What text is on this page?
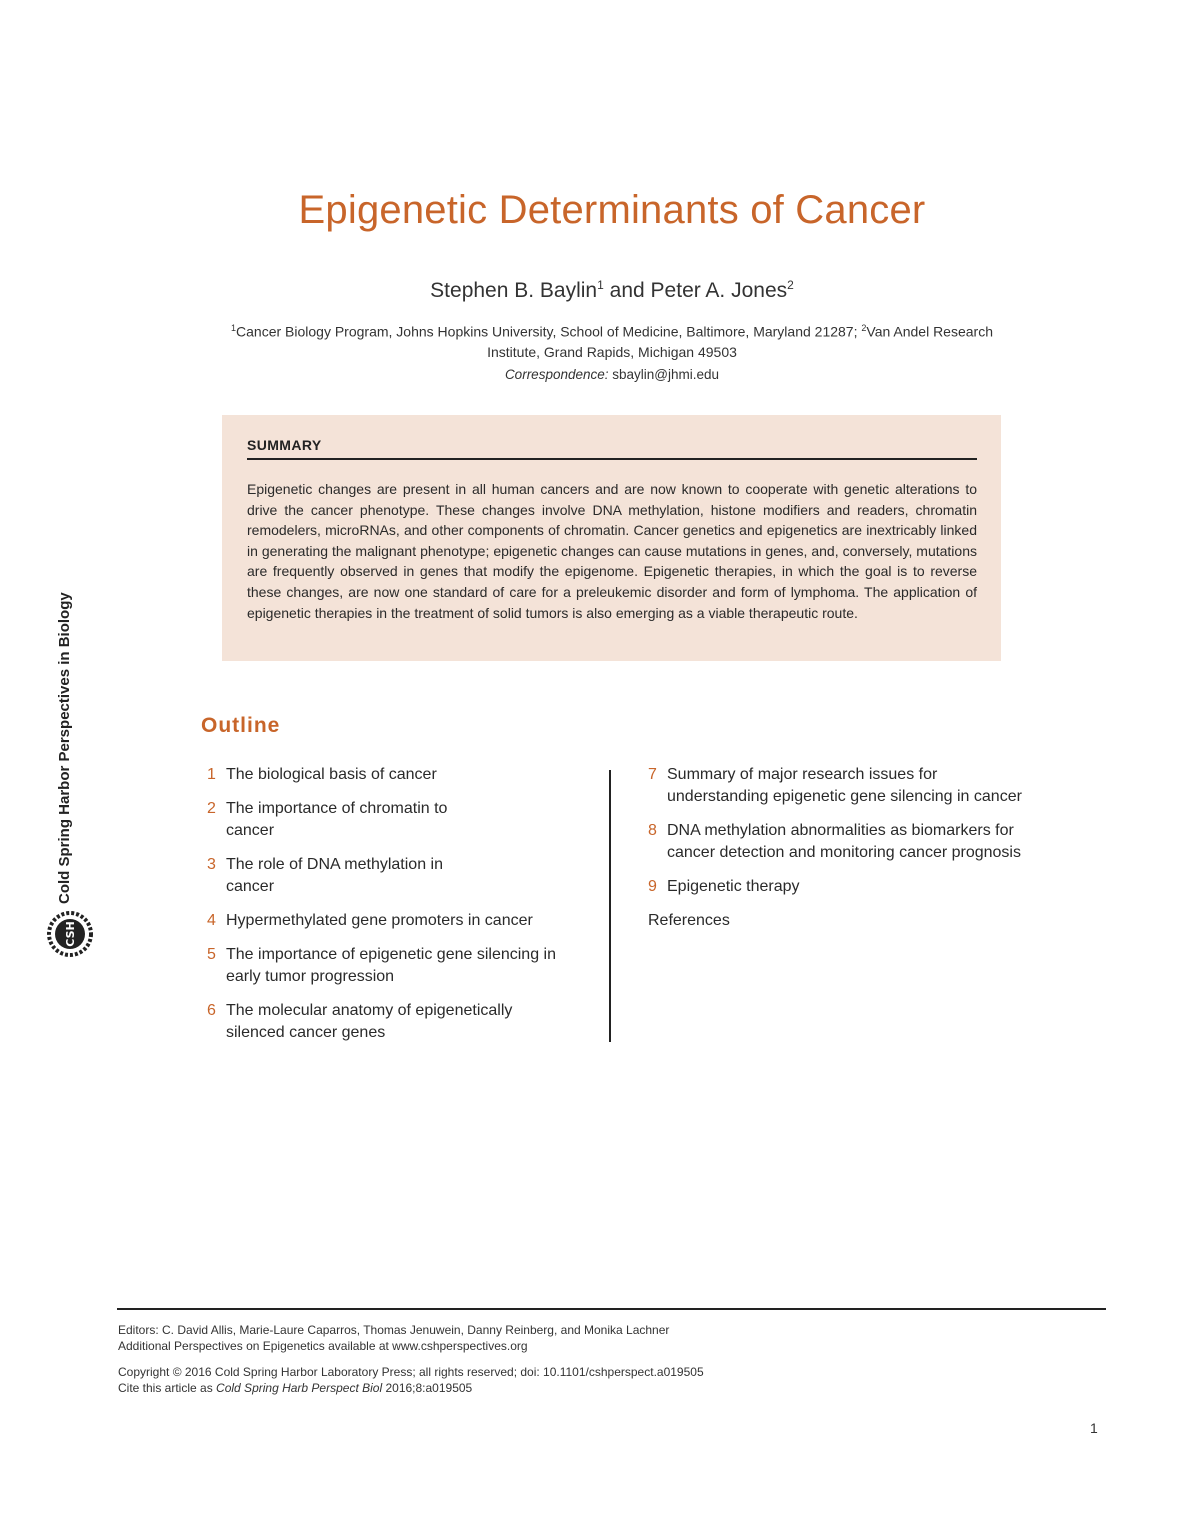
Epigenetic Determinants of Cancer
Stephen B. Baylin$^1$ and Peter A. Jones$^2$
$^1$Cancer Biology Program, Johns Hopkins University, School of Medicine, Baltimore, Maryland 21287; $^2$Van Andel Research Institute, Grand Rapids, Michigan 49503
Correspondence: sbaylin@jhmi.edu
SUMMARY
Epigenetic changes are present in all human cancers and are now known to cooperate with genetic alterations to drive the cancer phenotype. These changes involve DNA methylation, histone modifiers and readers, chromatin remodelers, microRNAs, and other components of chromatin. Cancer genetics and epigenetics are inextricably linked in generating the malignant phenotype; epigenetic changes can cause mutations in genes, and, conversely, mutations are frequently observed in genes that modify the epigenome. Epigenetic therapies, in which the goal is to reverse these changes, are now one standard of care for a preleukemic disorder and form of lymphoma. The application of epigenetic therapies in the treatment of solid tumors is also emerging as a viable therapeutic route.
Outline
1 The biological basis of cancer
2 The importance of chromatin to cancer
3 The role of DNA methylation in cancer
4 Hypermethylated gene promoters in cancer
5 The importance of epigenetic gene silencing in early tumor progression
6 The molecular anatomy of epigenetically silenced cancer genes
7 Summary of major research issues for understanding epigenetic gene silencing in cancer
8 DNA methylation abnormalities as biomarkers for cancer detection and monitoring cancer prognosis
9 Epigenetic therapy
References
Cold Spring Harbor Perspectives in Biology
CSH
Editors: C. David Allis, Marie-Laure Caparros, Thomas Jenuwein, Danny Reinberg, and Monika Lachner
Additional Perspectives on Epigenetics available at www.cshperspectives.org
Copyright © 2016 Cold Spring Harbor Laboratory Press; all rights reserved; doi: 10.1101/cshperspect.a019505
Cite this article as Cold Spring Harb Perspect Biol 2016;8:a019505
1
